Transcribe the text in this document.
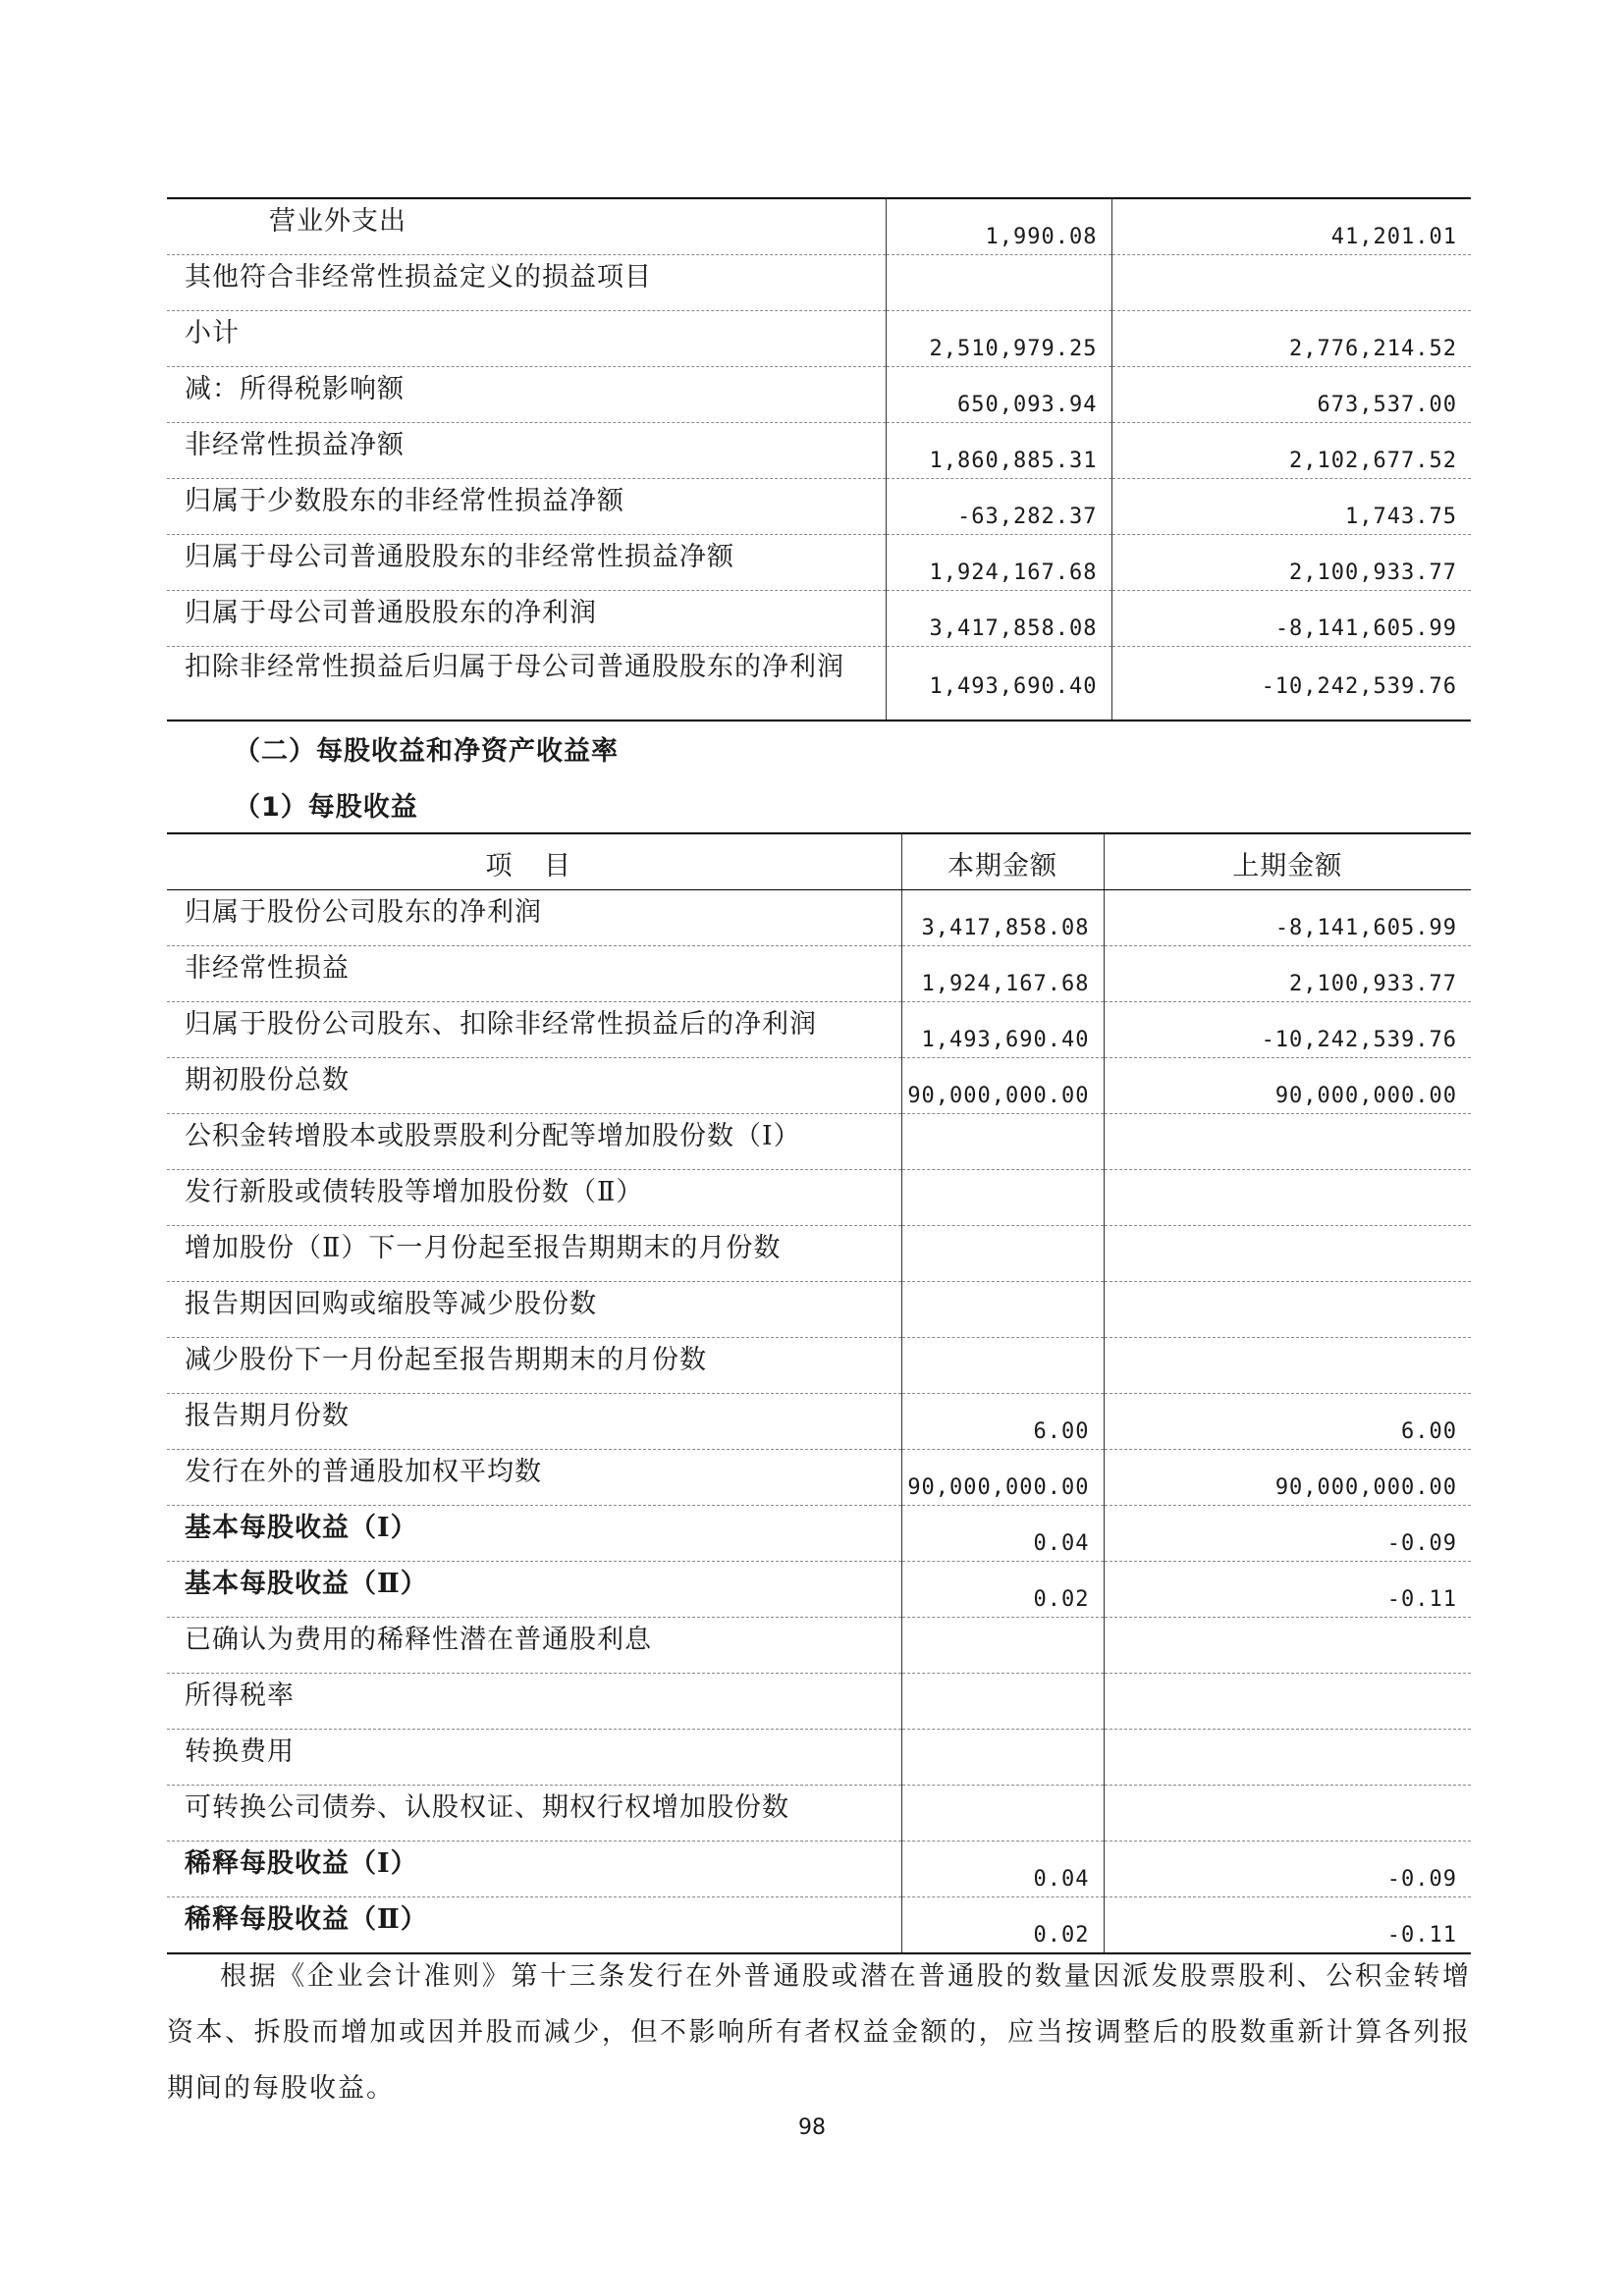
营业外支出	1,990.08	41,201.01

其他符合非经常性损益定义的损益项目		

小计	2,510,979.25	2,776,214.52

减：所得税影响额	650,093.94	673,537.00

非经常性损益净额	1,860,885.31	2,102,677.52

归属于少数股东的非经常性损益净额	-63,282.37	1,743.75

归属于母公司普通股股东的非经常性损益净额	1,924,167.68	2,100,933.77

归属于母公司普通股股东的净利润	3,417,858.08	-8,141,605.99

扣除非经常性损益后归属于母公司普通股股东的净利润	1,493,690.40	-10,242,539.76
（二）每股收益和净资产收益率
（1）每股收益
项 目	本期金额	上期金额

归属于股份公司股东的净利润	3,417,858.08	-8,141,605.99

非经常性损益	1,924,167.68	2,100,933.77

归属于股份公司股东、扣除非经常性损益后的净利润	1,493,690.40	-10,242,539.76

期初股份总数	90,000,000.00	90,000,000.00

公积金转增股本或股票股利分配等增加股份数（Ⅰ）		

发行新股或债转股等增加股份数（Ⅱ）		

增加股份（Ⅱ）下一月份起至报告期期末的月份数		

报告期因回购或缩股等减少股份数		

减少股份下一月份起至报告期期末的月份数		

报告期月份数	6.00	6.00

发行在外的普通股加权平均数	90,000,000.00	90,000,000.00

基本每股收益（Ⅰ）	0.04	-0.09

基本每股收益（Ⅱ）	0.02	-0.11

已确认为费用的稀释性潜在普通股利息		

所得税率		

转换费用		

可转换公司债券、认股权证、期权行权增加股份数		

稀释每股收益（Ⅰ）	0.04	-0.09

稀释每股收益（Ⅱ）	0.02	-0.11
根据《企业会计准则》第十三条发行在外普通股或潜在普通股的数量因派发股票股利、公积金转增资本、拆股而增加或因并股而减少，但不影响所有者权益金额的，应当按调整后的股数重新计算各列报期间的每股收益。
98
